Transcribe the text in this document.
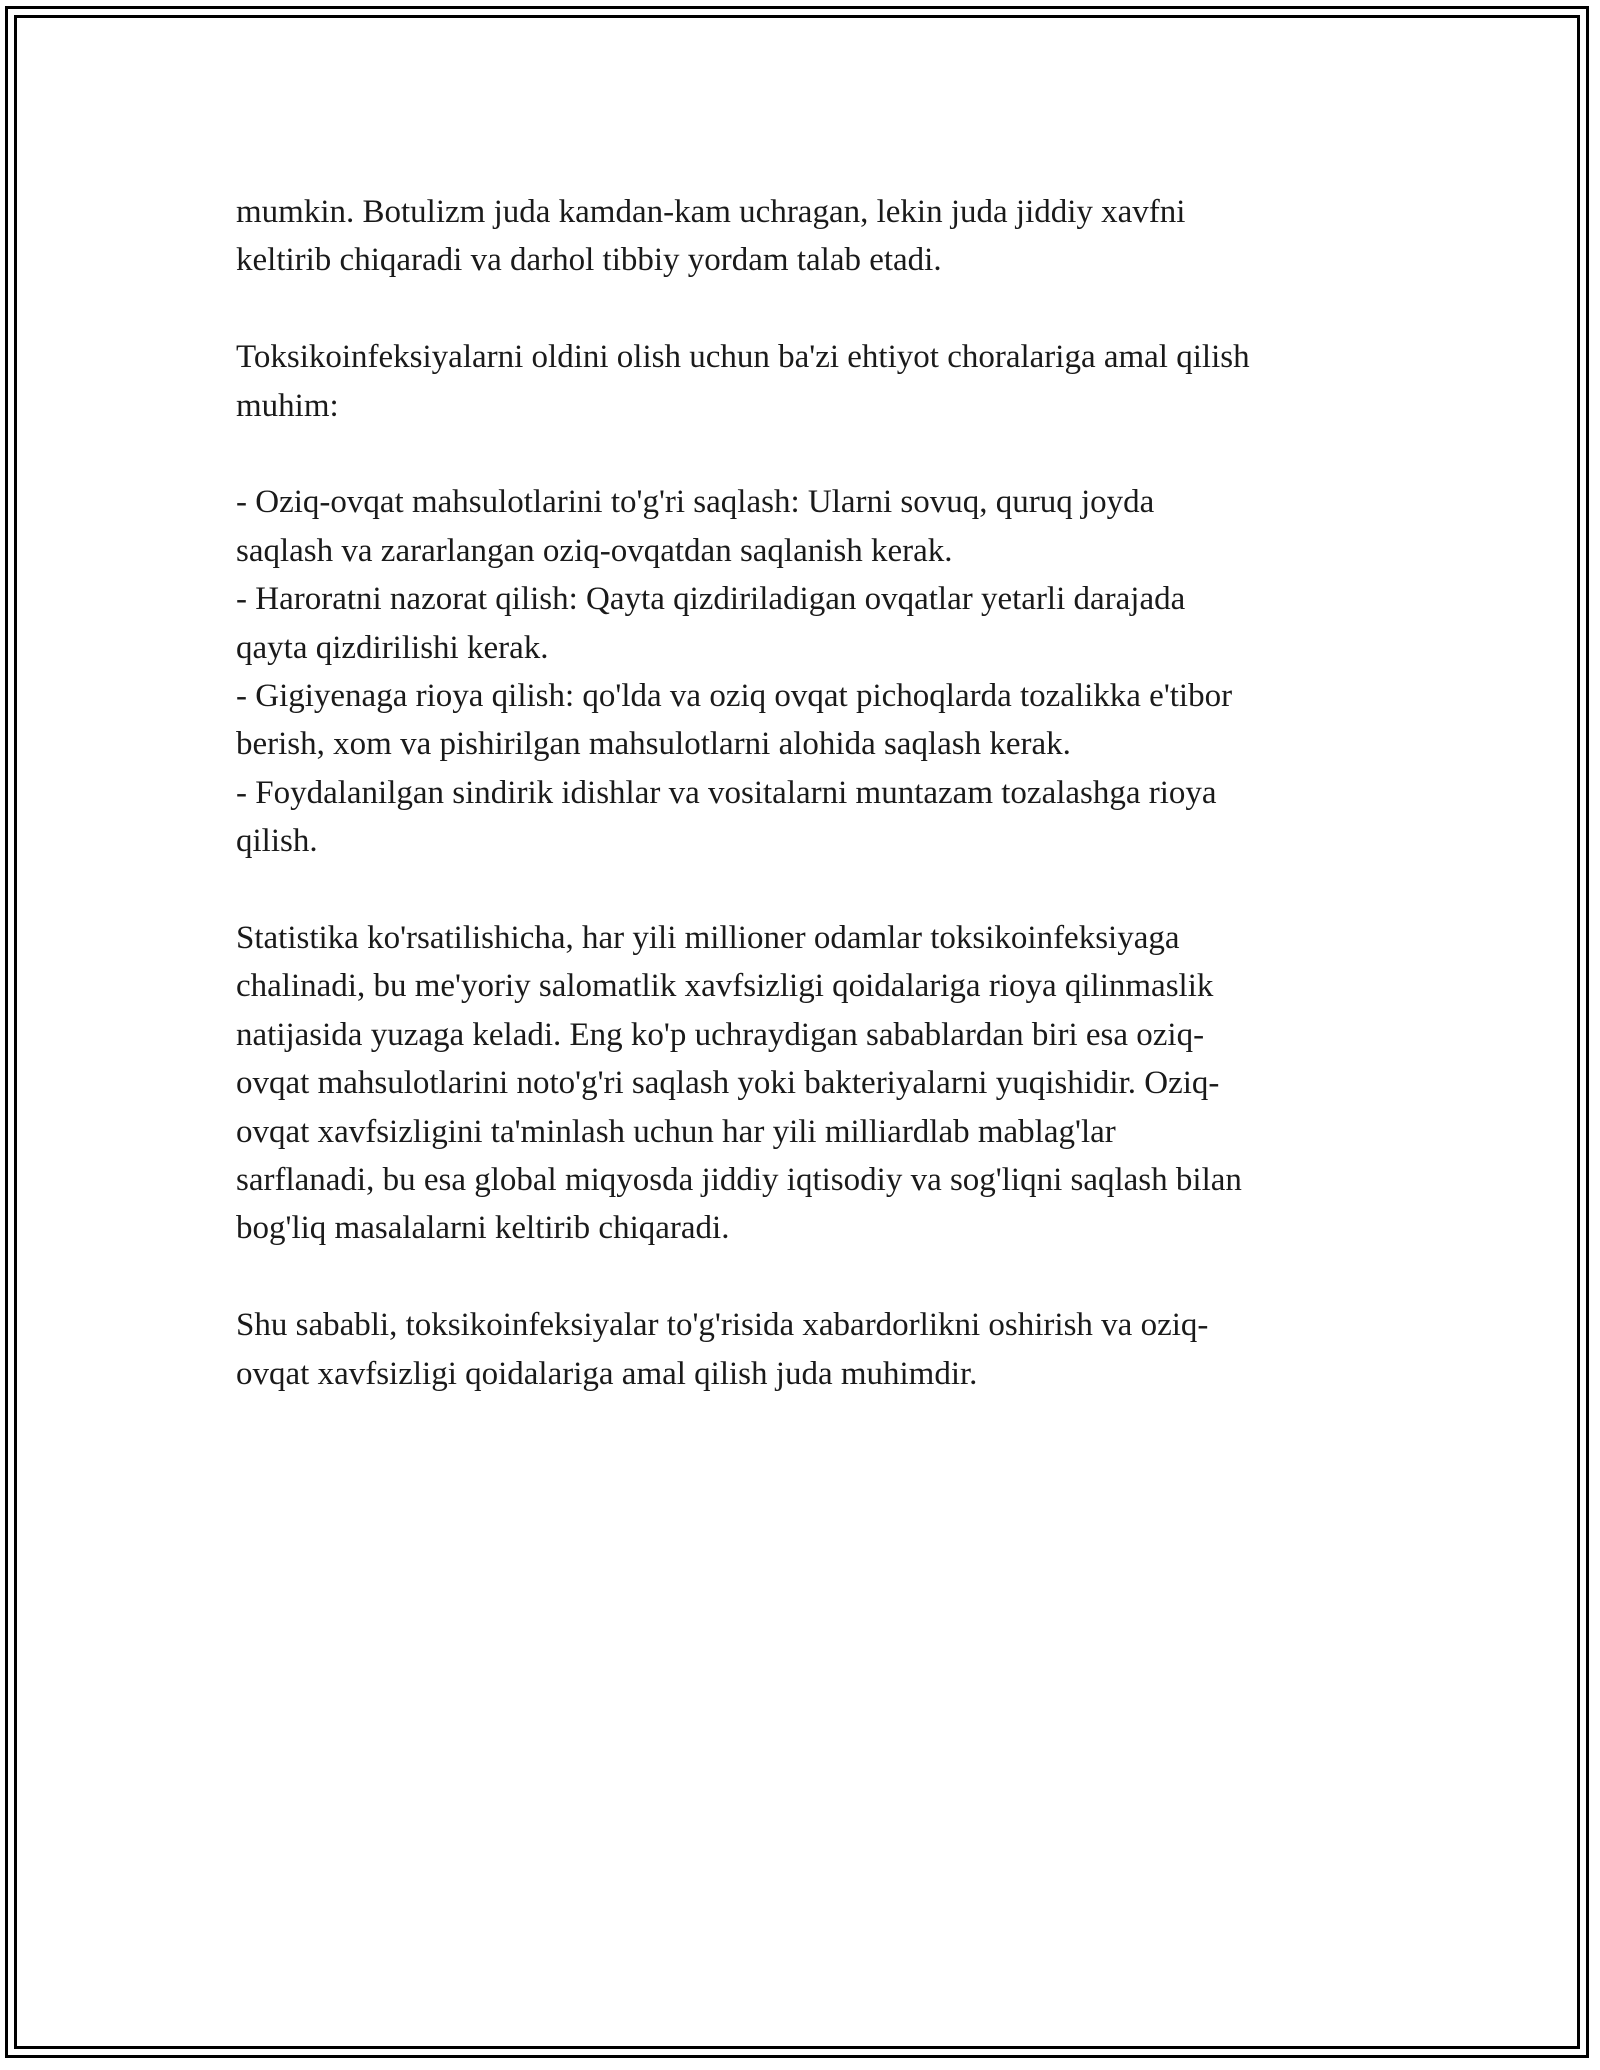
mumkin. Botulizm juda kamdan-kam uchragan, lekin juda jiddiy xavfni
keltirib chiqaradi va darhol tibbiy yordam talab etadi.

Toksikoinfeksiyalarni oldini olish uchun ba'zi ehtiyot choralariga amal qilish
muhim:

- Oziq-ovqat mahsulotlarini to'g'ri saqlash: Ularni sovuq, quruq joyda
saqlash va zararlangan oziq-ovqatdan saqlanish kerak.

- Haroratni nazorat qilish: Qayta qizdiriladigan ovqatlar yetarli darajada
qayta qizdirilishi kerak.

- Gigiyenaga rioya qilish: qo'lda va oziq ovqat pichoqlarda tozalikka e'tibor
berish, xom va pishirilgan mahsulotlarni alohida saqlash kerak.

- Foydalanilgan sindirik idishlar va vositalarni muntazam tozalashga rioya
qilish.

Statistika ko'rsatilishicha, har yili millioner odamlar toksikoinfeksiyaga
chalinadi, bu me'yoriy salomatlik xavfsizligi qoidalariga rioya qilinmaslik
natijasida yuzaga keladi. Eng ko'p uchraydigan sabablardan biri esa oziq-
ovqat mahsulotlarini noto'g'ri saqlash yoki bakteriyalarni yuqishidir. Oziq-
ovqat xavfsizligini ta'minlash uchun har yili milliardlab mablag'lar
sarflanadi, bu esa global miqyosda jiddiy iqtisodiy va sog'liqni saqlash bilan
bog'liq masalalarni keltirib chiqaradi.

Shu sababli, toksikoinfeksiyalar to'g'risida xabardorlikni oshirish va oziq-
ovqat xavfsizligi qoidalariga amal qilish juda muhimdir.
